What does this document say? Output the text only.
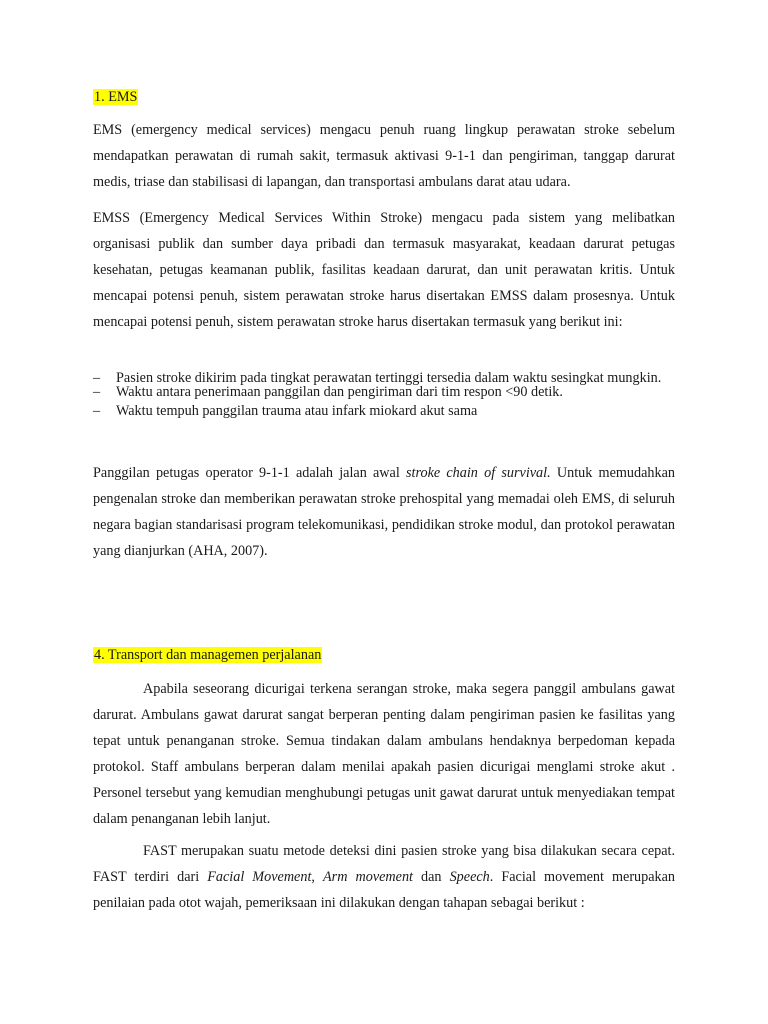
1. EMS

EMS (emergency medical services) mengacu penuh ruang lingkup perawatan stroke sebelum mendapatkan perawatan di rumah sakit, termasuk aktivasi 9-1-1 dan pengiriman, tanggap darurat medis, triase dan stabilisasi di lapangan, dan transportasi ambulans darat atau udara.

EMSS (Emergency Medical Services Within Stroke) mengacu pada sistem yang melibatkan organisasi publik dan sumber daya pribadi dan termasuk masyarakat, keadaan darurat petugas kesehatan, petugas keamanan publik, fasilitas keadaan darurat, dan unit perawatan kritis. Untuk mencapai potensi penuh, sistem perawatan stroke harus disertakan EMSS dalam prosesnya. Untuk mencapai potensi penuh, sistem perawatan stroke harus disertakan termasuk yang berikut ini:

– Pasien stroke dikirim pada tingkat perawatan tertinggi tersedia dalam waktu sesingkat mungkin.
– Waktu antara penerimaan panggilan dan pengiriman dari tim respon <90 detik.
– Waktu tempuh panggilan trauma atau infark miokard akut sama

Panggilan petugas operator 9-1-1 adalah jalan awal stroke chain of survival. Untuk memudahkan pengenalan stroke dan memberikan perawatan stroke prehospital yang memadai oleh EMS, di seluruh negara bagian standarisasi program telekomunikasi, pendidikan stroke modul, dan protokol perawatan yang dianjurkan (AHA, 2007).

4. Transport dan managemen perjalanan

Apabila seseorang dicurigai terkena serangan stroke, maka segera panggil ambulans gawat darurat. Ambulans gawat darurat sangat berperan penting dalam pengiriman pasien ke fasilitas yang tepat untuk penanganan stroke. Semua tindakan dalam ambulans hendaknya berpedoman kepada protokol. Staff ambulans berperan dalam menilai apakah pasien dicurigai menglami stroke akut . Personel tersebut yang kemudian menghubungi petugas unit gawat darurat untuk menyediakan tempat dalam penanganan lebih lanjut.

FAST merupakan suatu metode deteksi dini pasien stroke yang bisa dilakukan secara cepat. FAST terdiri dari Facial Movement, Arm movement dan Speech. Facial movement merupakan penilaian pada otot wajah, pemeriksaan ini dilakukan dengan tahapan sebagai berikut :
